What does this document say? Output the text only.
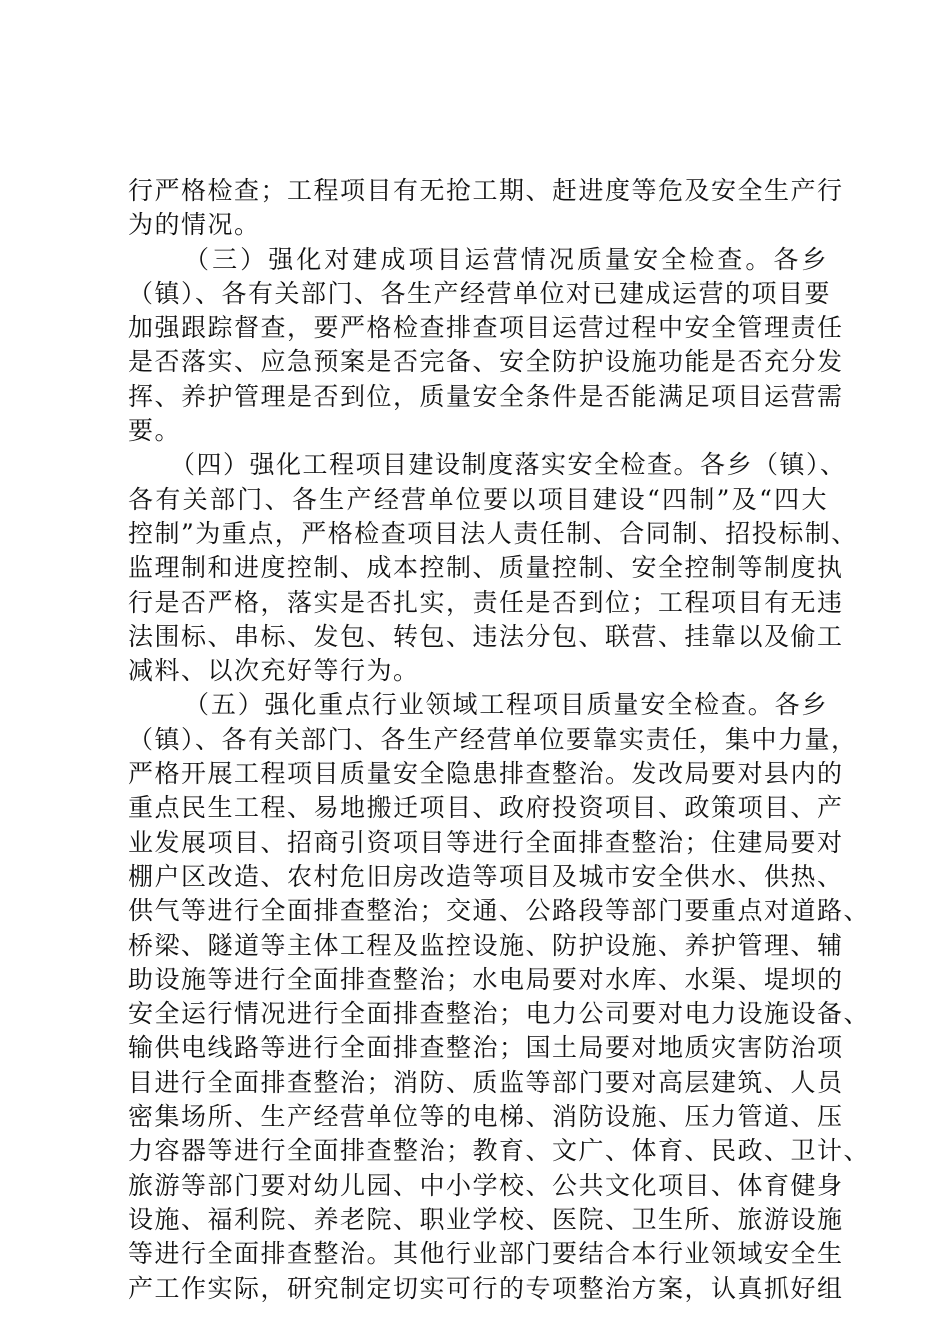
行严格检查；工程项目有无抢工期、赶进度等危及安全生产行
为的情况。
（三）强化对建成项目运营情况质量安全检查。各乡
（镇）、各有关部门、各生产经营单位对已建成运营的项目要
加强跟踪督查，要严格检查排查项目运营过程中安全管理责任
是否落实、应急预案是否完备、安全防护设施功能是否充分发
挥、养护管理是否到位，质量安全条件是否能满足项目运营需
要。
（四）强化工程项目建设制度落实安全检查。各乡（镇）、
各有关部门、各生产经营单位要以项目建设“四制”及“四大
控制”为重点，严格检查项目法人责任制、合同制、招投标制、
监理制和进度控制、成本控制、质量控制、安全控制等制度执
行是否严格，落实是否扎实，责任是否到位；工程项目有无违
法围标、串标、发包、转包、违法分包、联营、挂靠以及偷工
减料、以次充好等行为。
（五）强化重点行业领域工程项目质量安全检查。各乡
（镇）、各有关部门、各生产经营单位要靠实责任，集中力量，
严格开展工程项目质量安全隐患排查整治。发改局要对县内的
重点民生工程、易地搬迁项目、政府投资项目、政策项目、产
业发展项目、招商引资项目等进行全面排查整治；住建局要对
棚户区改造、农村危旧房改造等项目及城市安全供水、供热、
供气等进行全面排查整治；交通、公路段等部门要重点对道路、
桥梁、隧道等主体工程及监控设施、防护设施、养护管理、辅
助设施等进行全面排查整治；水电局要对水库、水渠、堤坝的
安全运行情况进行全面排查整治；电力公司要对电力设施设备、
输供电线路等进行全面排查整治；国土局要对地质灾害防治项
目进行全面排查整治；消防、质监等部门要对高层建筑、人员
密集场所、生产经营单位等的电梯、消防设施、压力管道、压
力容器等进行全面排查整治；教育、文广、体育、民政、卫计、
旅游等部门要对幼儿园、中小学校、公共文化项目、体育健身
设施、福利院、养老院、职业学校、医院、卫生所、旅游设施
等进行全面排查整治。其他行业部门要结合本行业领域安全生
产工作实际，研究制定切实可行的专项整治方案，认真抓好组
